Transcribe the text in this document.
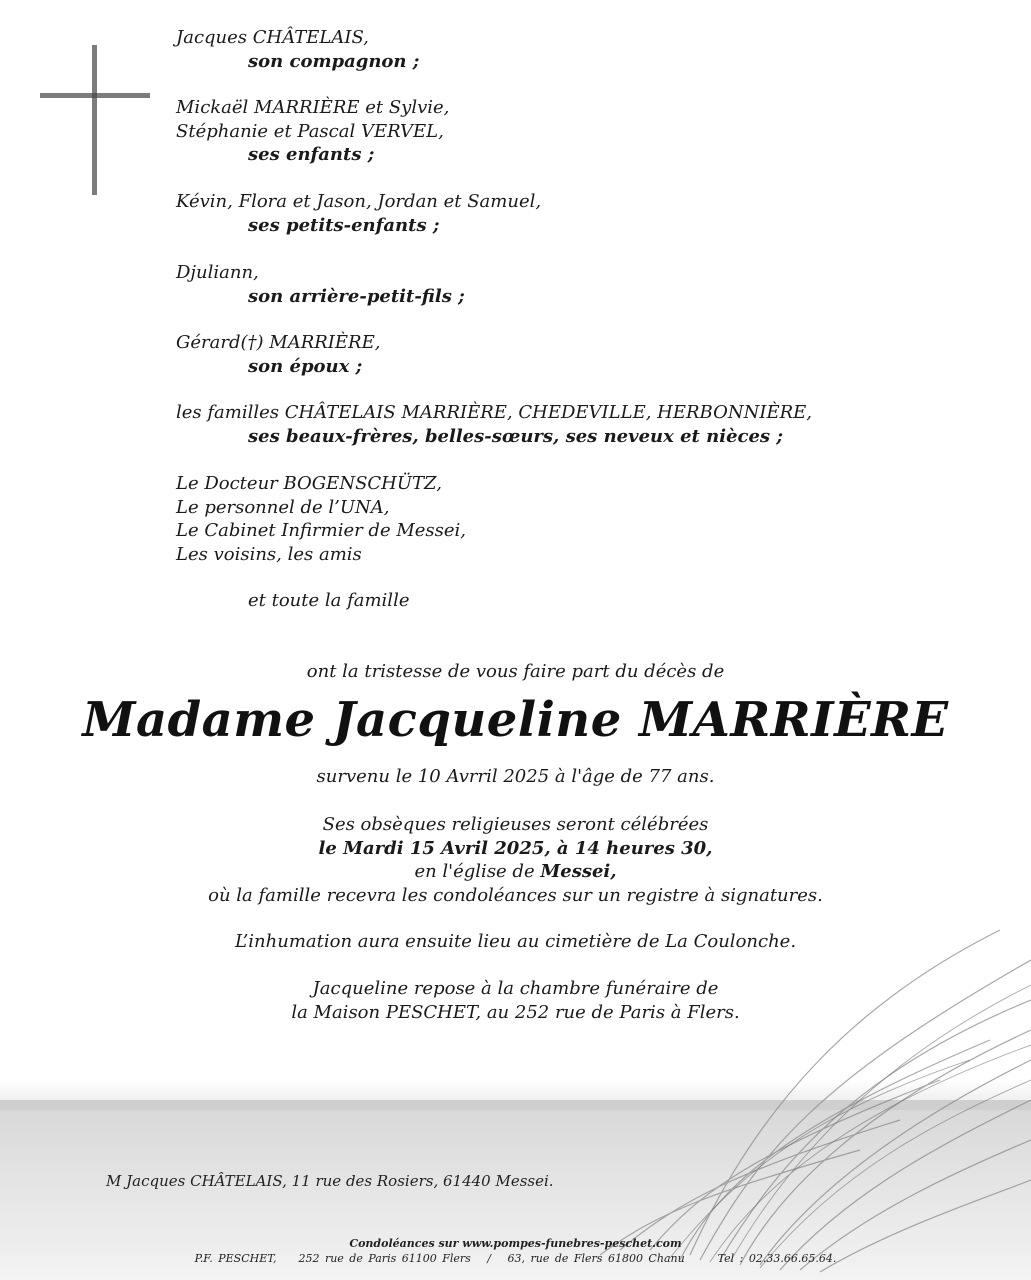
Jacques CHÂTELAIS,
son compagnon ;
Mickaël MARRIÈRE et Sylvie,
Stéphanie et Pascal VERVEL,
ses enfants ;
Kévin, Flora et Jason, Jordan et Samuel,
ses petits-enfants ;
Djuliann,
son arrière-petit-fils ;
Gérard(†) MARRIÈRE,
son époux ;
les familles CHÂTELAIS MARRIÈRE, CHEDEVILLE, HERBONNIÈRE,
ses beaux-frères, belles-sœurs, ses neveux et nièces ;
Le Docteur BOGENSCHÜTZ,
Le personnel de l’UNA,
Le Cabinet Infirmier de Messei,
Les voisins, les amis
et toute la famille
ont la tristesse de vous faire part du décès de
Madame Jacqueline MARRIÈRE
survenu le 10 Avrril 2025 à l'âge de 77 ans.
Ses obsèques religieuses seront célébrées
le Mardi 15 Avril 2025, à 14 heures 30,
en l'église de Messei,
où la famille recevra les condoléances sur un registre à signatures.
L’inhumation aura ensuite lieu au cimetière de La Coulonche.
Jacqueline repose à la chambre funéraire de
la Maison PESCHET, au 252 rue de Paris à Flers.
M Jacques CHÂTELAIS, 11 rue des Rosiers, 61440 Messei.
Condoléances sur www.pompes-funebres-peschet.com
P.F. PESCHET, 252 rue de Paris 61100 Flers / 63, rue de Flers 61800 Chanu	Tel : 02.33.66.65.64.
